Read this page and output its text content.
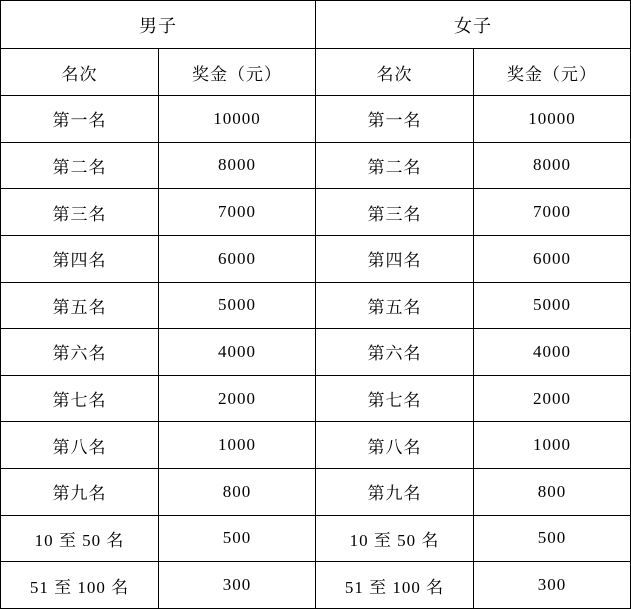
男子		女子	
名次	奖金（元）	名次	奖金（元）
第一名	10000	第一名	10000
第二名	8000	第二名	8000
第三名	7000	第三名	7000
第四名	6000	第四名	6000
第五名	5000	第五名	5000
第六名	4000	第六名	4000
第七名	2000	第七名	2000
第八名	1000	第八名	1000
第九名	800	第九名	800
10 至 50 名	500	10 至 50 名	500
51 至 100 名	300	51 至 100 名	300
